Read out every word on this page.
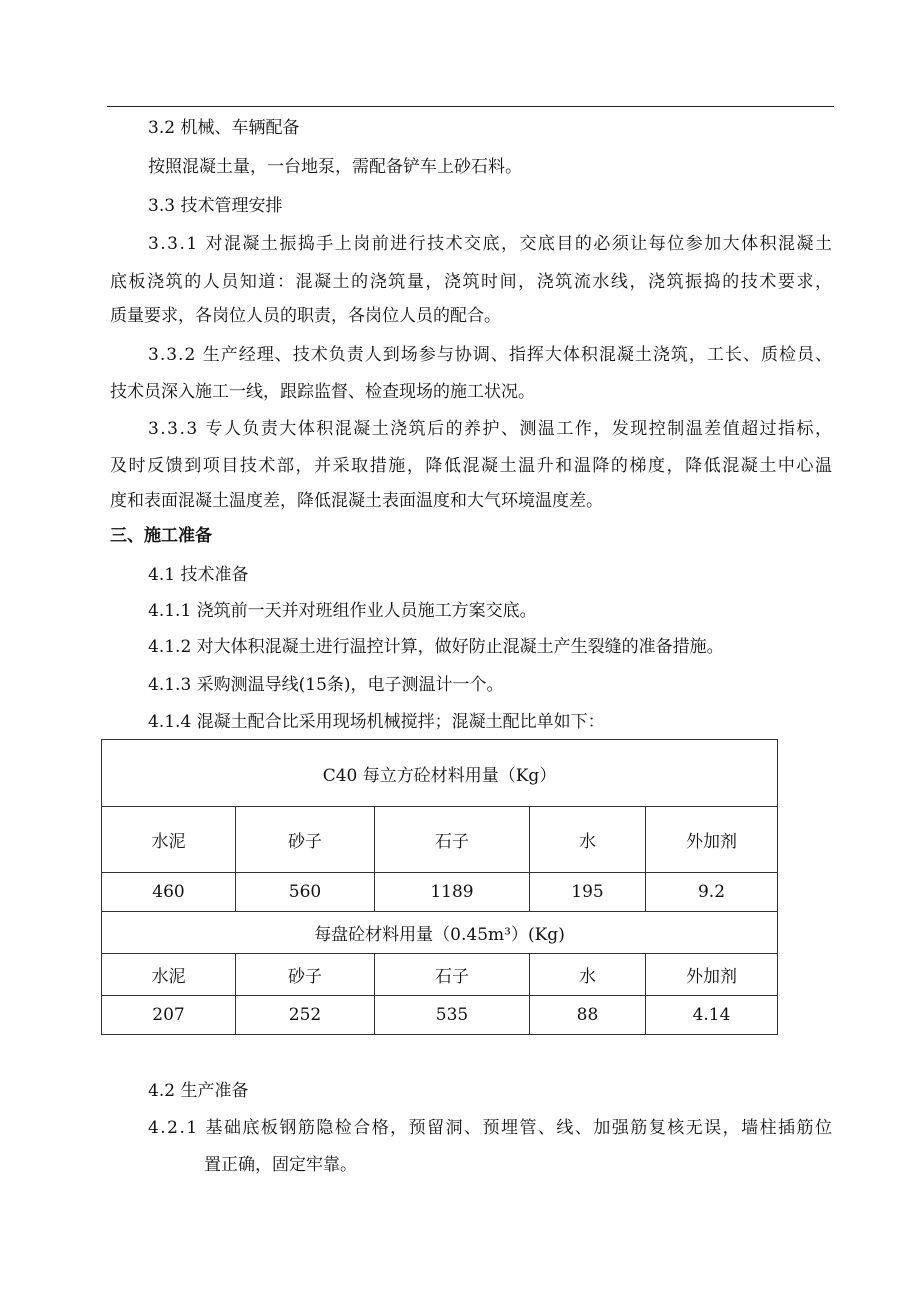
3.2 机械、车辆配备
按照混凝土量，一台地泵，需配备铲车上砂石料。
3.3 技术管理安排
3.3.1 对混凝土振捣手上岗前进行技术交底，交底目的必须让每位参加大体积混凝土
底板浇筑的人员知道：混凝土的浇筑量，浇筑时间，浇筑流水线，浇筑振捣的技术要求，
质量要求，各岗位人员的职责，各岗位人员的配合。
3.3.2 生产经理、技术负责人到场参与协调、指挥大体积混凝土浇筑，工长、质检员、
技术员深入施工一线，跟踪监督、检查现场的施工状况。
3.3.3 专人负责大体积混凝土浇筑后的养护、测温工作，发现控制温差值超过指标，
及时反馈到项目技术部，并采取措施，降低混凝土温升和温降的梯度，降低混凝土中心温
度和表面混凝土温度差，降低混凝土表面温度和大气环境温度差。
三、施工准备
4.1 技术准备
4.1.1 浇筑前一天并对班组作业人员施工方案交底。
4.1.2 对大体积混凝土进行温控计算，做好防止混凝土产生裂缝的准备措施。
4.1.3 采购测温导线(15条)，电子测温计一个。
4.1.4 混凝土配合比采用现场机械搅拌；混凝土配比单如下：
C40 每立方砼材料用量（Kg）				
水泥	砂子	石子	水	外加剂
460	560	1189	195	9.2
每盘砼材料用量（0.45m³）(Kg)				
水泥	砂子	石子	水	外加剂
207	252	535	88	4.14
4.2 生产准备
4.2.1 基础底板钢筋隐检合格，预留洞、预埋管、线、加强筋复核无误，墙柱插筋位
置正确，固定牢靠。
